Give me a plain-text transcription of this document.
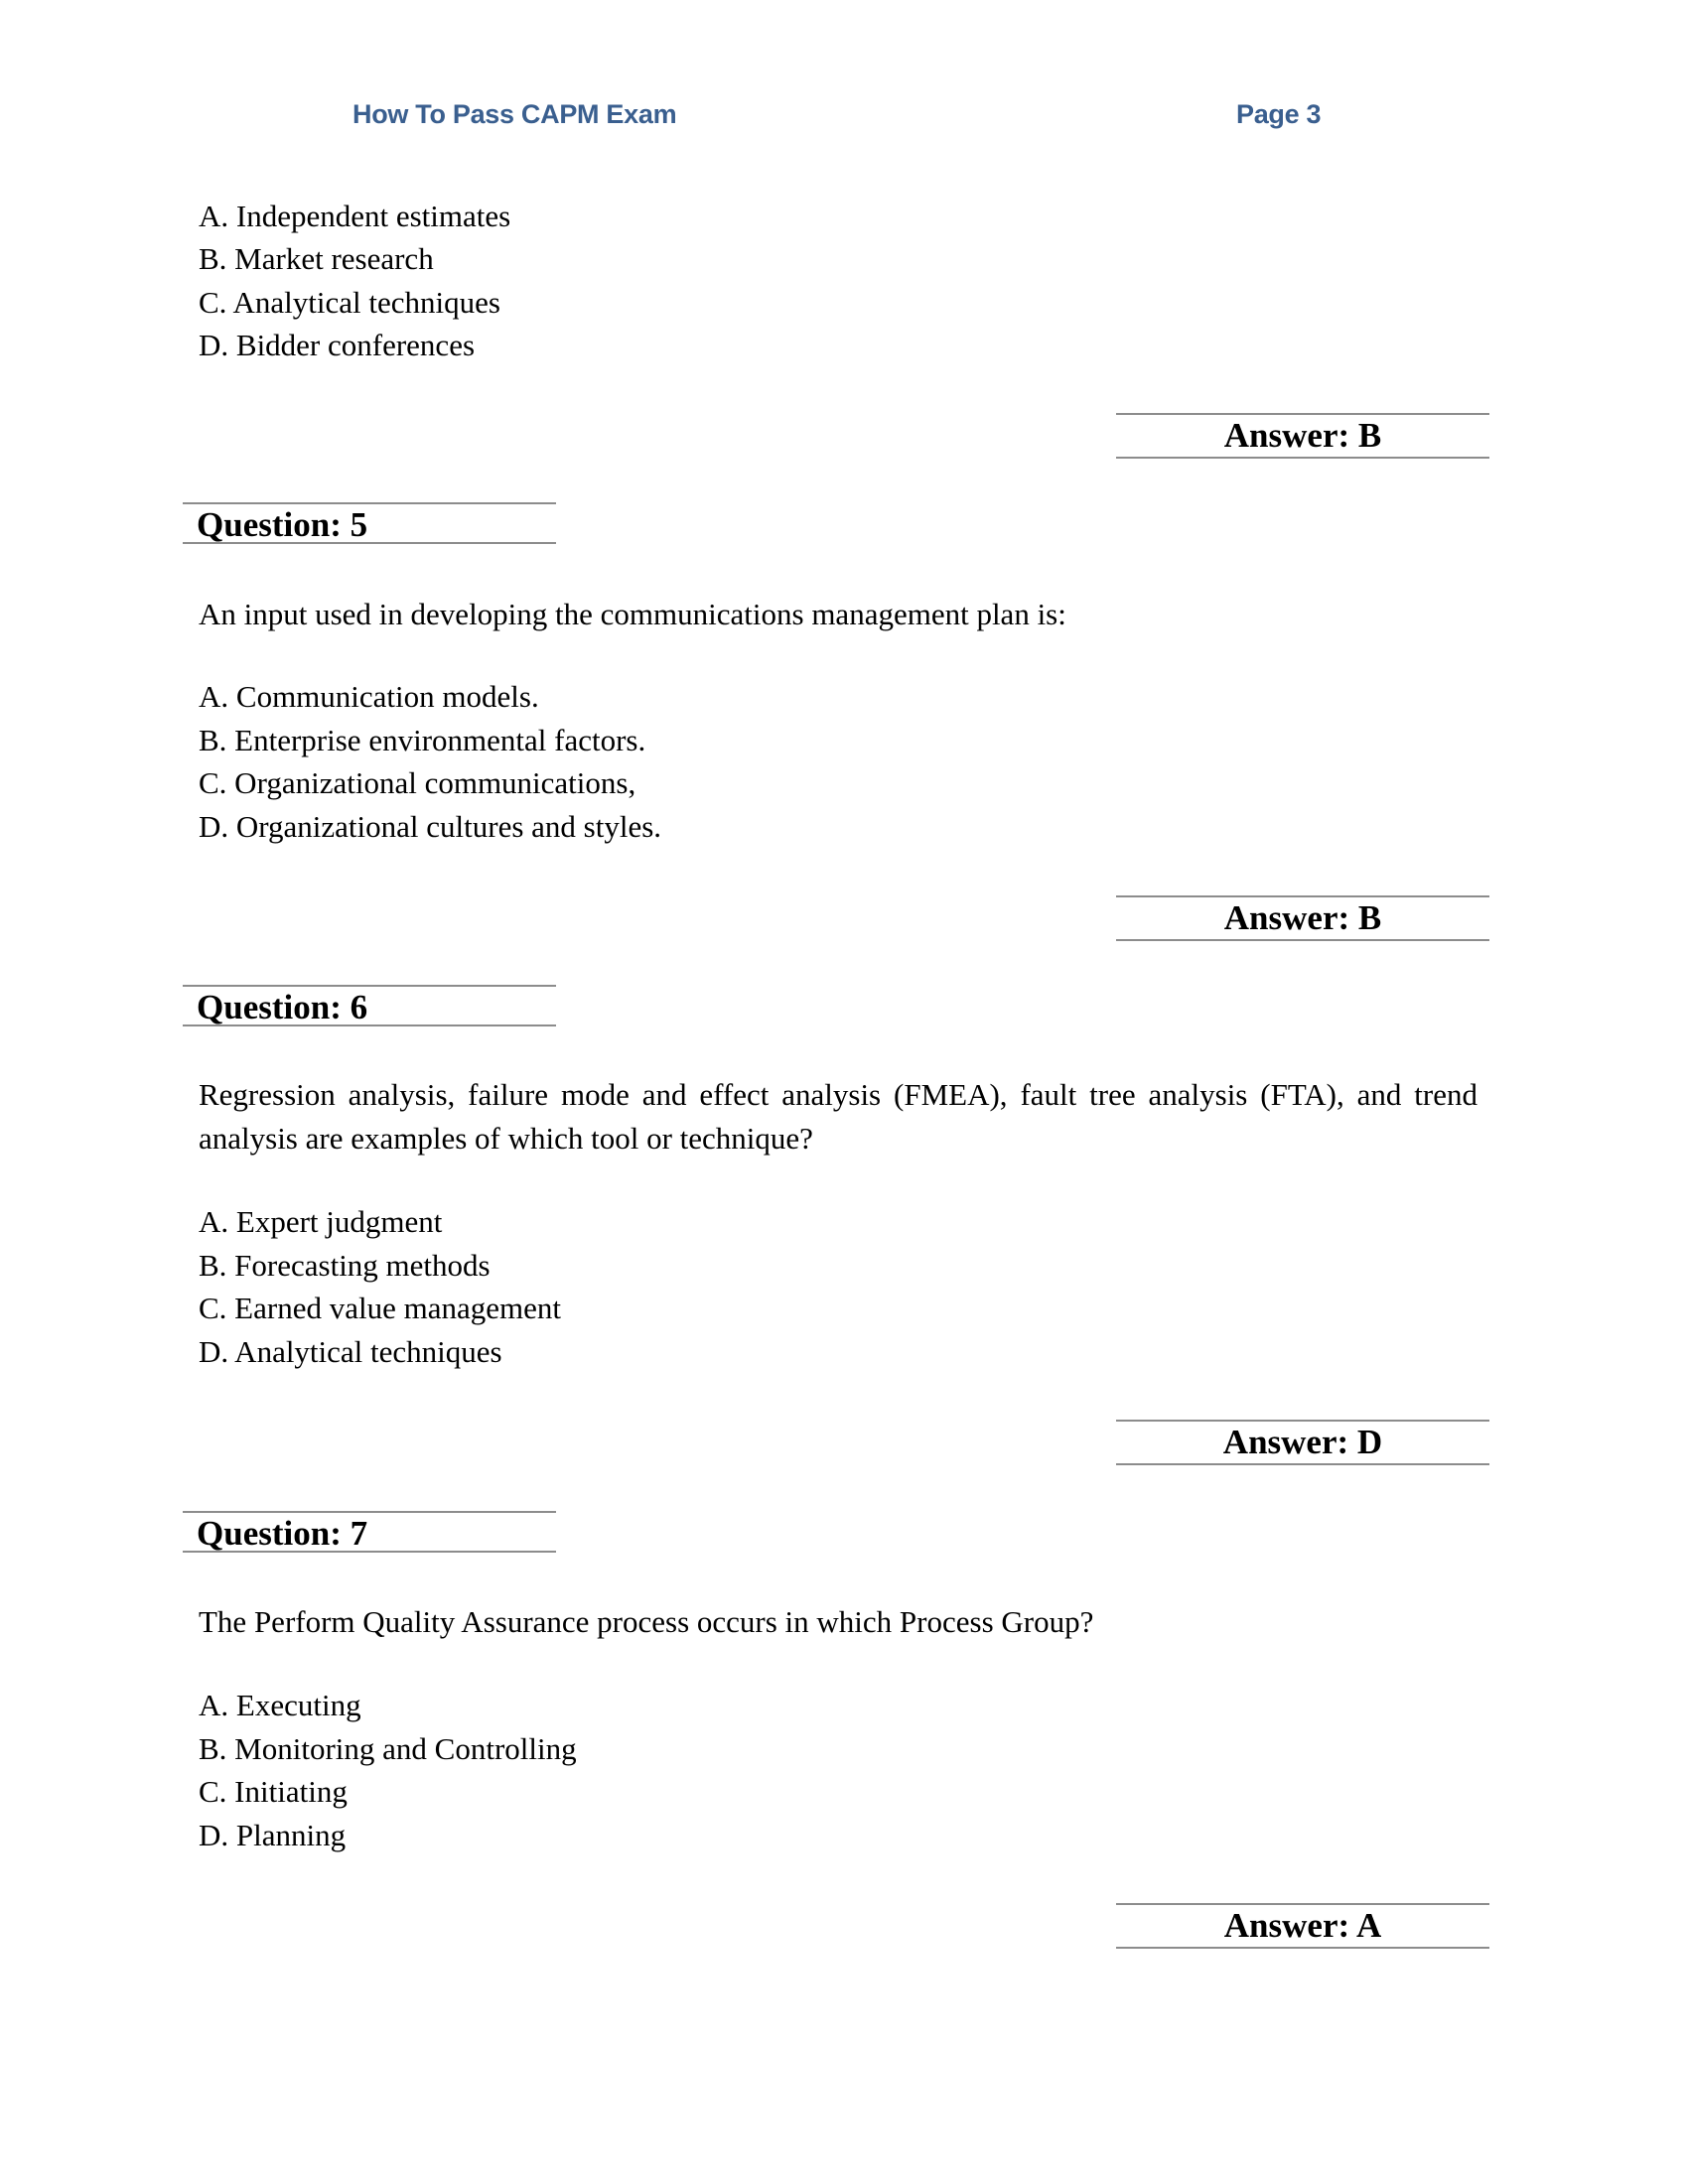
How To Pass CAPM Exam	Page 3
A. Independent estimates
B. Market research
C. Analytical techniques
D. Bidder conferences
Answer: B
Question: 5
An input used in developing the communications management plan is:
A. Communication models.
B. Enterprise environmental factors.
C. Organizational communications,
D. Organizational cultures and styles.
Answer: B
Question: 6
Regression analysis, failure mode and effect analysis (FMEA), fault tree analysis (FTA), and trend analysis are examples of which tool or technique?
A. Expert judgment
B. Forecasting methods
C. Earned value management
D. Analytical techniques
Answer: D
Question: 7
The Perform Quality Assurance process occurs in which Process Group?
A. Executing
B. Monitoring and Controlling
C. Initiating
D. Planning
Answer: A
